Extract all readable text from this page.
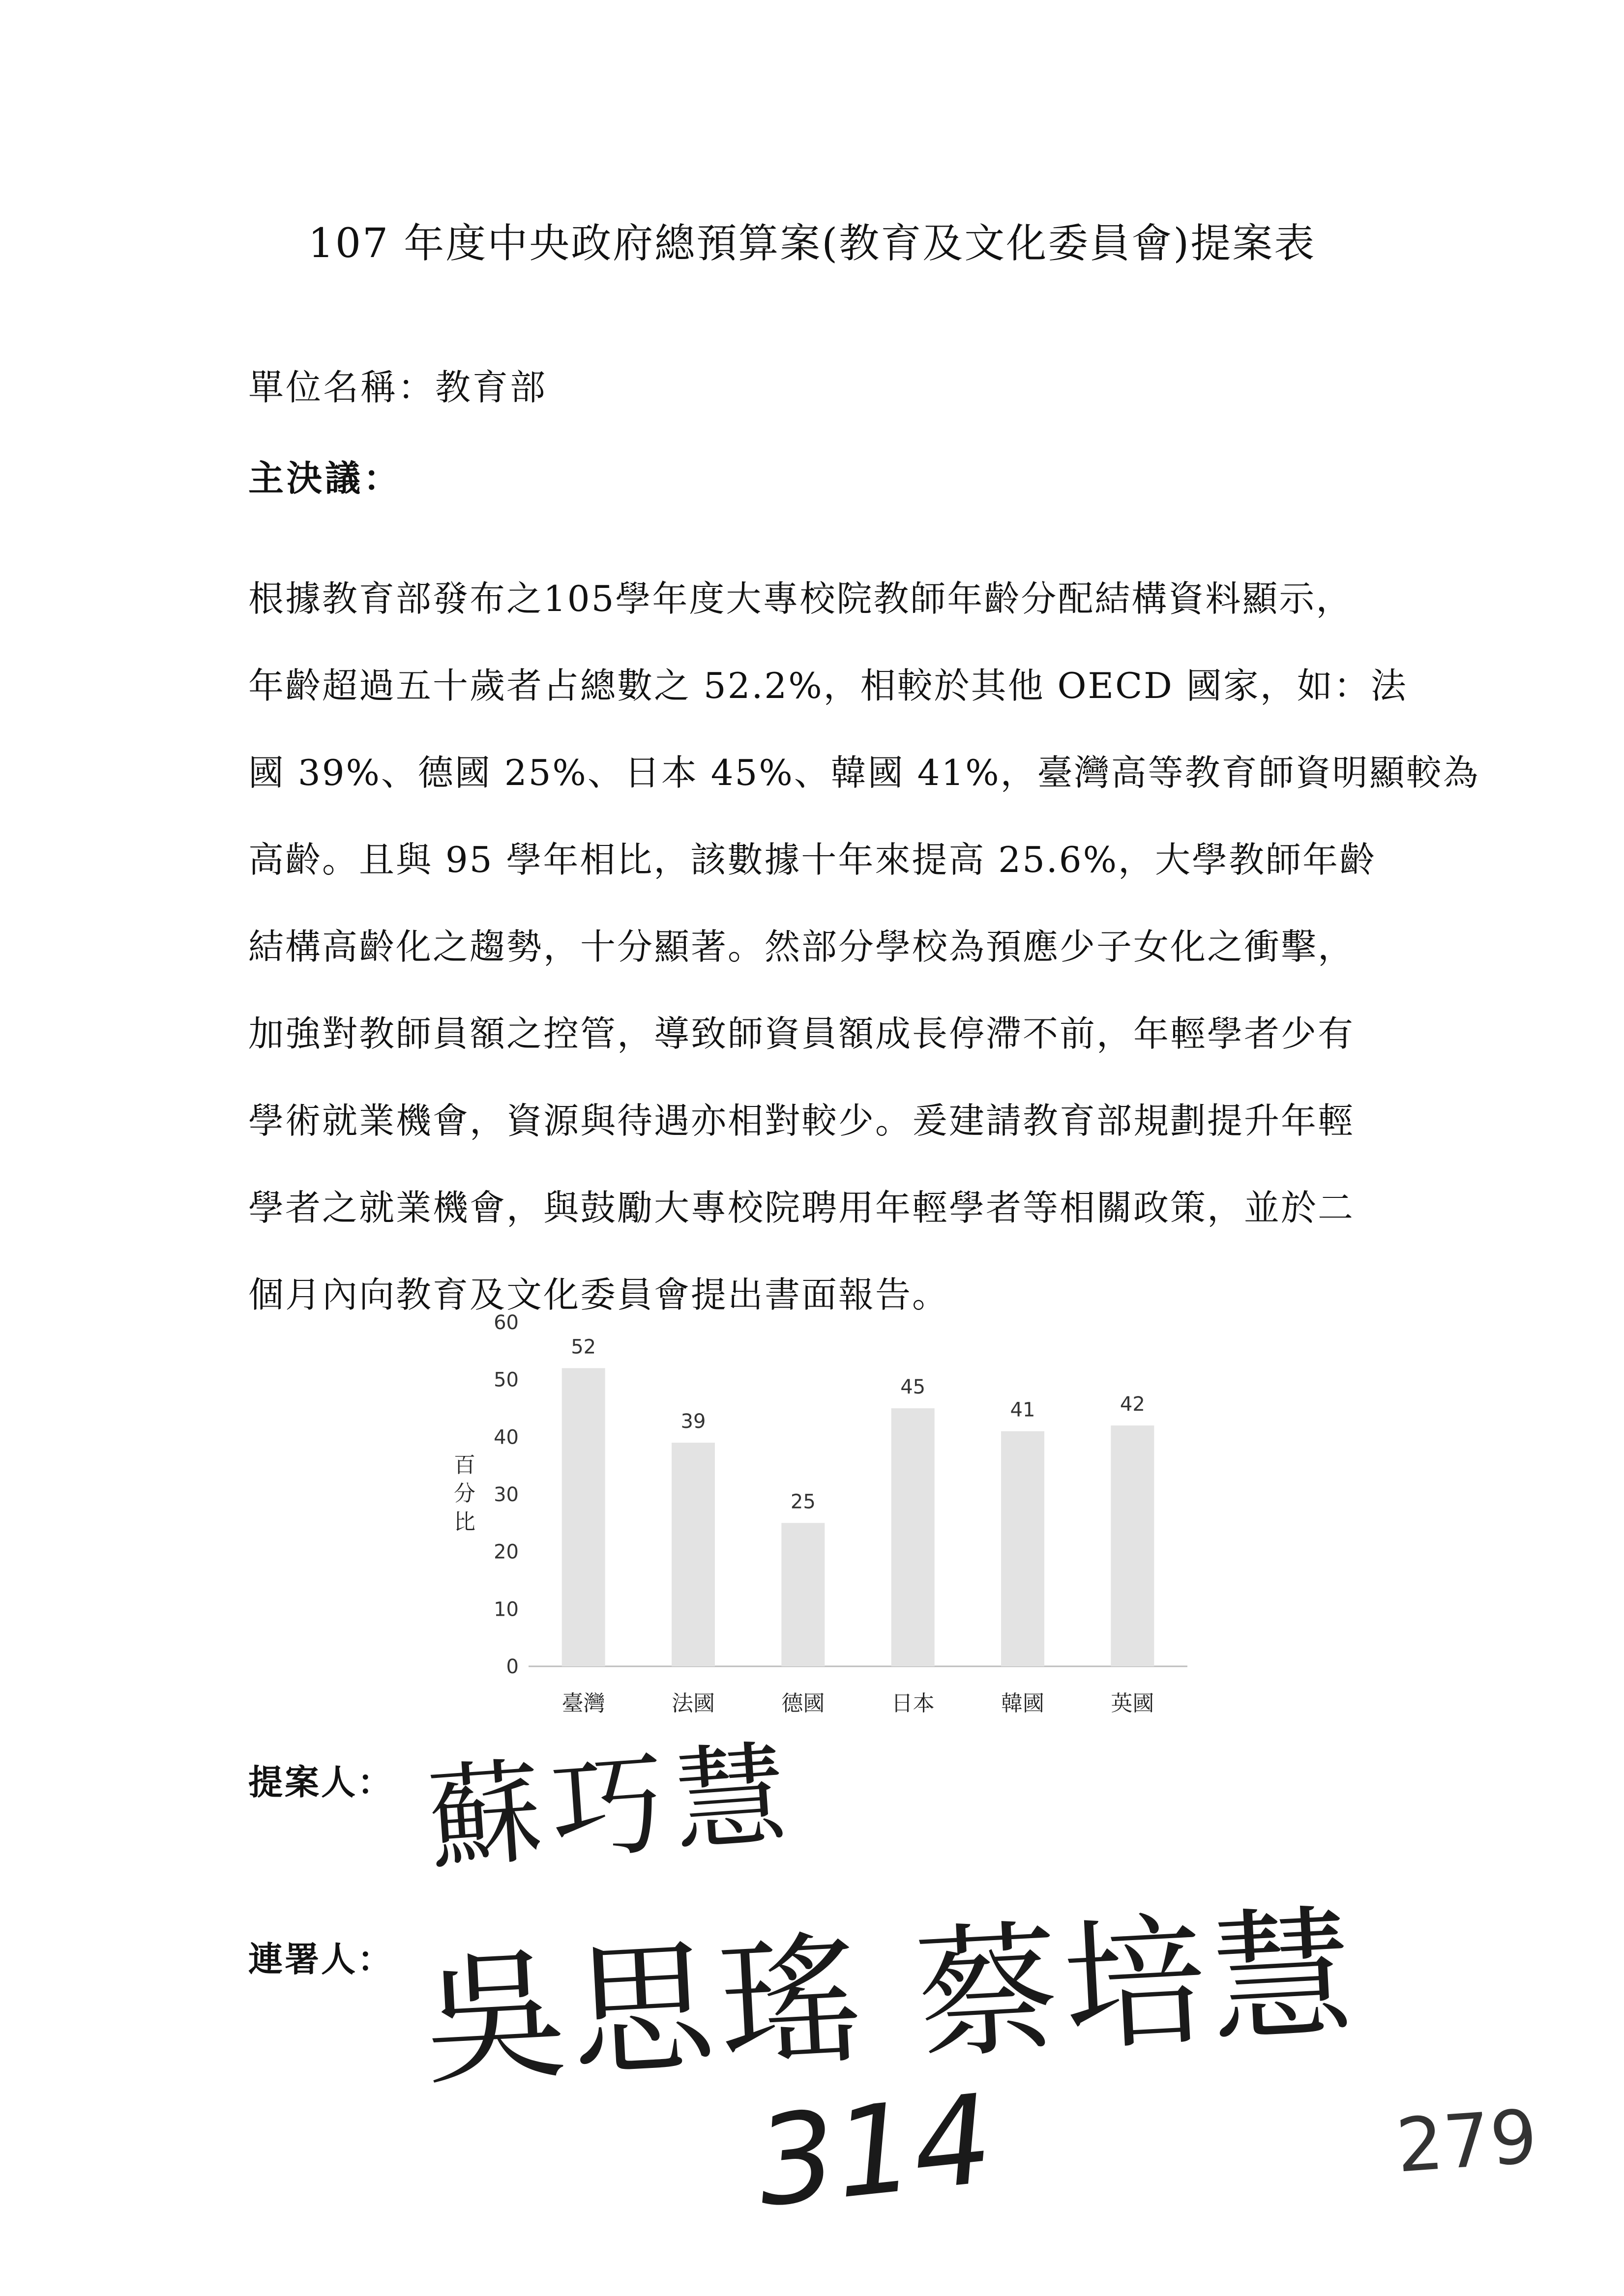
107 年度中央政府總預算案(教育及文化委員會)提案表
單位名稱：教育部
主決議：
根據教育部發布之105學年度大專校院教師年齡分配結構資料顯示，
年齡超過五十歲者占總數之 52.2%，相較於其他 OECD 國家，如：法
國 39%、德國 25%、日本 45%、韓國 41%，臺灣高等教育師資明顯較為
高齡。且與 95 學年相比，該數據十年來提高 25.6%，大學教師年齡
結構高齡化之趨勢，十分顯著。然部分學校為預應少子女化之衝擊，
加強對教師員額之控管，導致師資員額成長停滯不前，年輕學者少有
學術就業機會，資源與待遇亦相對較少。爰建請教育部規劃提升年輕
學者之就業機會，與鼓勵大專校院聘用年輕學者等相關政策，並於二
個月內向教育及文化委員會提出書面報告。
0
10
20
30
40
50
60
百
分
比
52
臺灣
39
法國
25
德國
45
日本
41
韓國
42
英國
提案人： 蘇巧慧
連署人： 吳思瑤 蔡培慧
314	279
